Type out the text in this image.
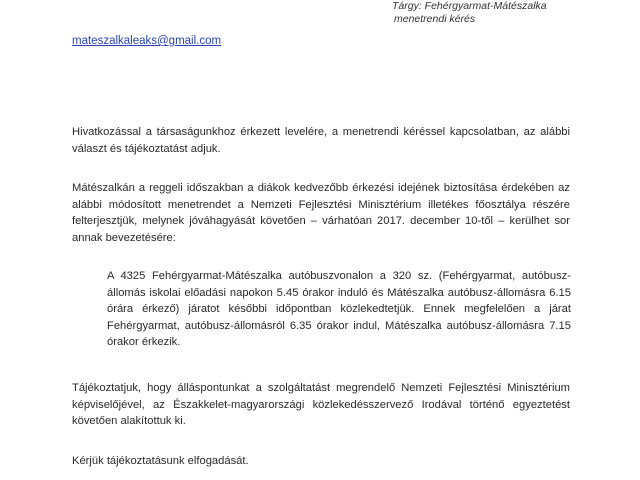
Tárgy: Fehérgyarmat-Mátészalka
menetrendi kérés
mateszalkaleaks@gmail.com

Hivatkozással a társaságunkhoz érkezett levelére, a menetrendi kéréssel kapcsolatban, az alábbi választ és tájékoztatást adjuk.

Mátészalkán a reggeli időszakban a diákok kedvezőbb érkezési idejének biztosítása érdekében az alábbi módosított menetrendet a Nemzeti Fejlesztési Minisztérium illetékes főosztálya részére felterjesztjük, melynek jóváhagyását követően – várhatóan 2017. december 10-től – kerülhet sor annak bevezetésére:

A 4325 Fehérgyarmat-Mátészalka autóbuszvonalon a 320 sz. (Fehérgyarmat, autóbusz-állomás iskolai előadási napokon 5.45 órakor induló és Mátészalka autóbusz-állomásra 6.15 órára érkező) járatot későbbi időpontban közlekedtetjük. Ennek megfelelően a járat Fehérgyarmat, autóbusz-állomásról 6.35 órakor indul, Mátészalka autóbusz-állomásra 7.15 órakor érkezik.

Tájékoztatjuk, hogy álláspontunkat a szolgáltatást megrendelő Nemzeti Fejlesztési Minisztérium képviselőjével, az Északkelet-magyarországi közlekedésszervező Irodával történő egyeztetést követően alakítottuk ki.

Kérjük tájékoztatásunk elfogadását.
